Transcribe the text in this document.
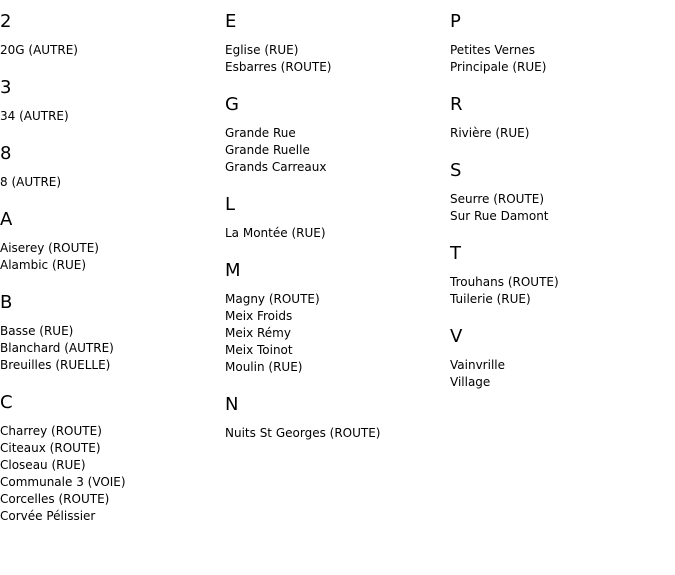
2
20G (AUTRE)
3
34 (AUTRE)
8
8 (AUTRE)
A
Aiserey (ROUTE)
Alambic (RUE)
B
Basse (RUE)
Blanchard (AUTRE)
Breuilles (RUELLE)
C
Charrey (ROUTE)
Citeaux (ROUTE)
Closeau (RUE)
Communale 3 (VOIE)
Corcelles (ROUTE)
Corvée Pélissier
E
Eglise (RUE)
Esbarres (ROUTE)
G
Grande Rue
Grande Ruelle
Grands Carreaux
L
La Montée (RUE)
M
Magny (ROUTE)
Meix Froids
Meix Rémy
Meix Toinot
Moulin (RUE)
N
Nuits St Georges (ROUTE)
P
Petites Vernes
Principale (RUE)
R
Rivière (RUE)
S
Seurre (ROUTE)
Sur Rue Damont
T
Trouhans (ROUTE)
Tuilerie (RUE)
V
Vainvrille
Village
